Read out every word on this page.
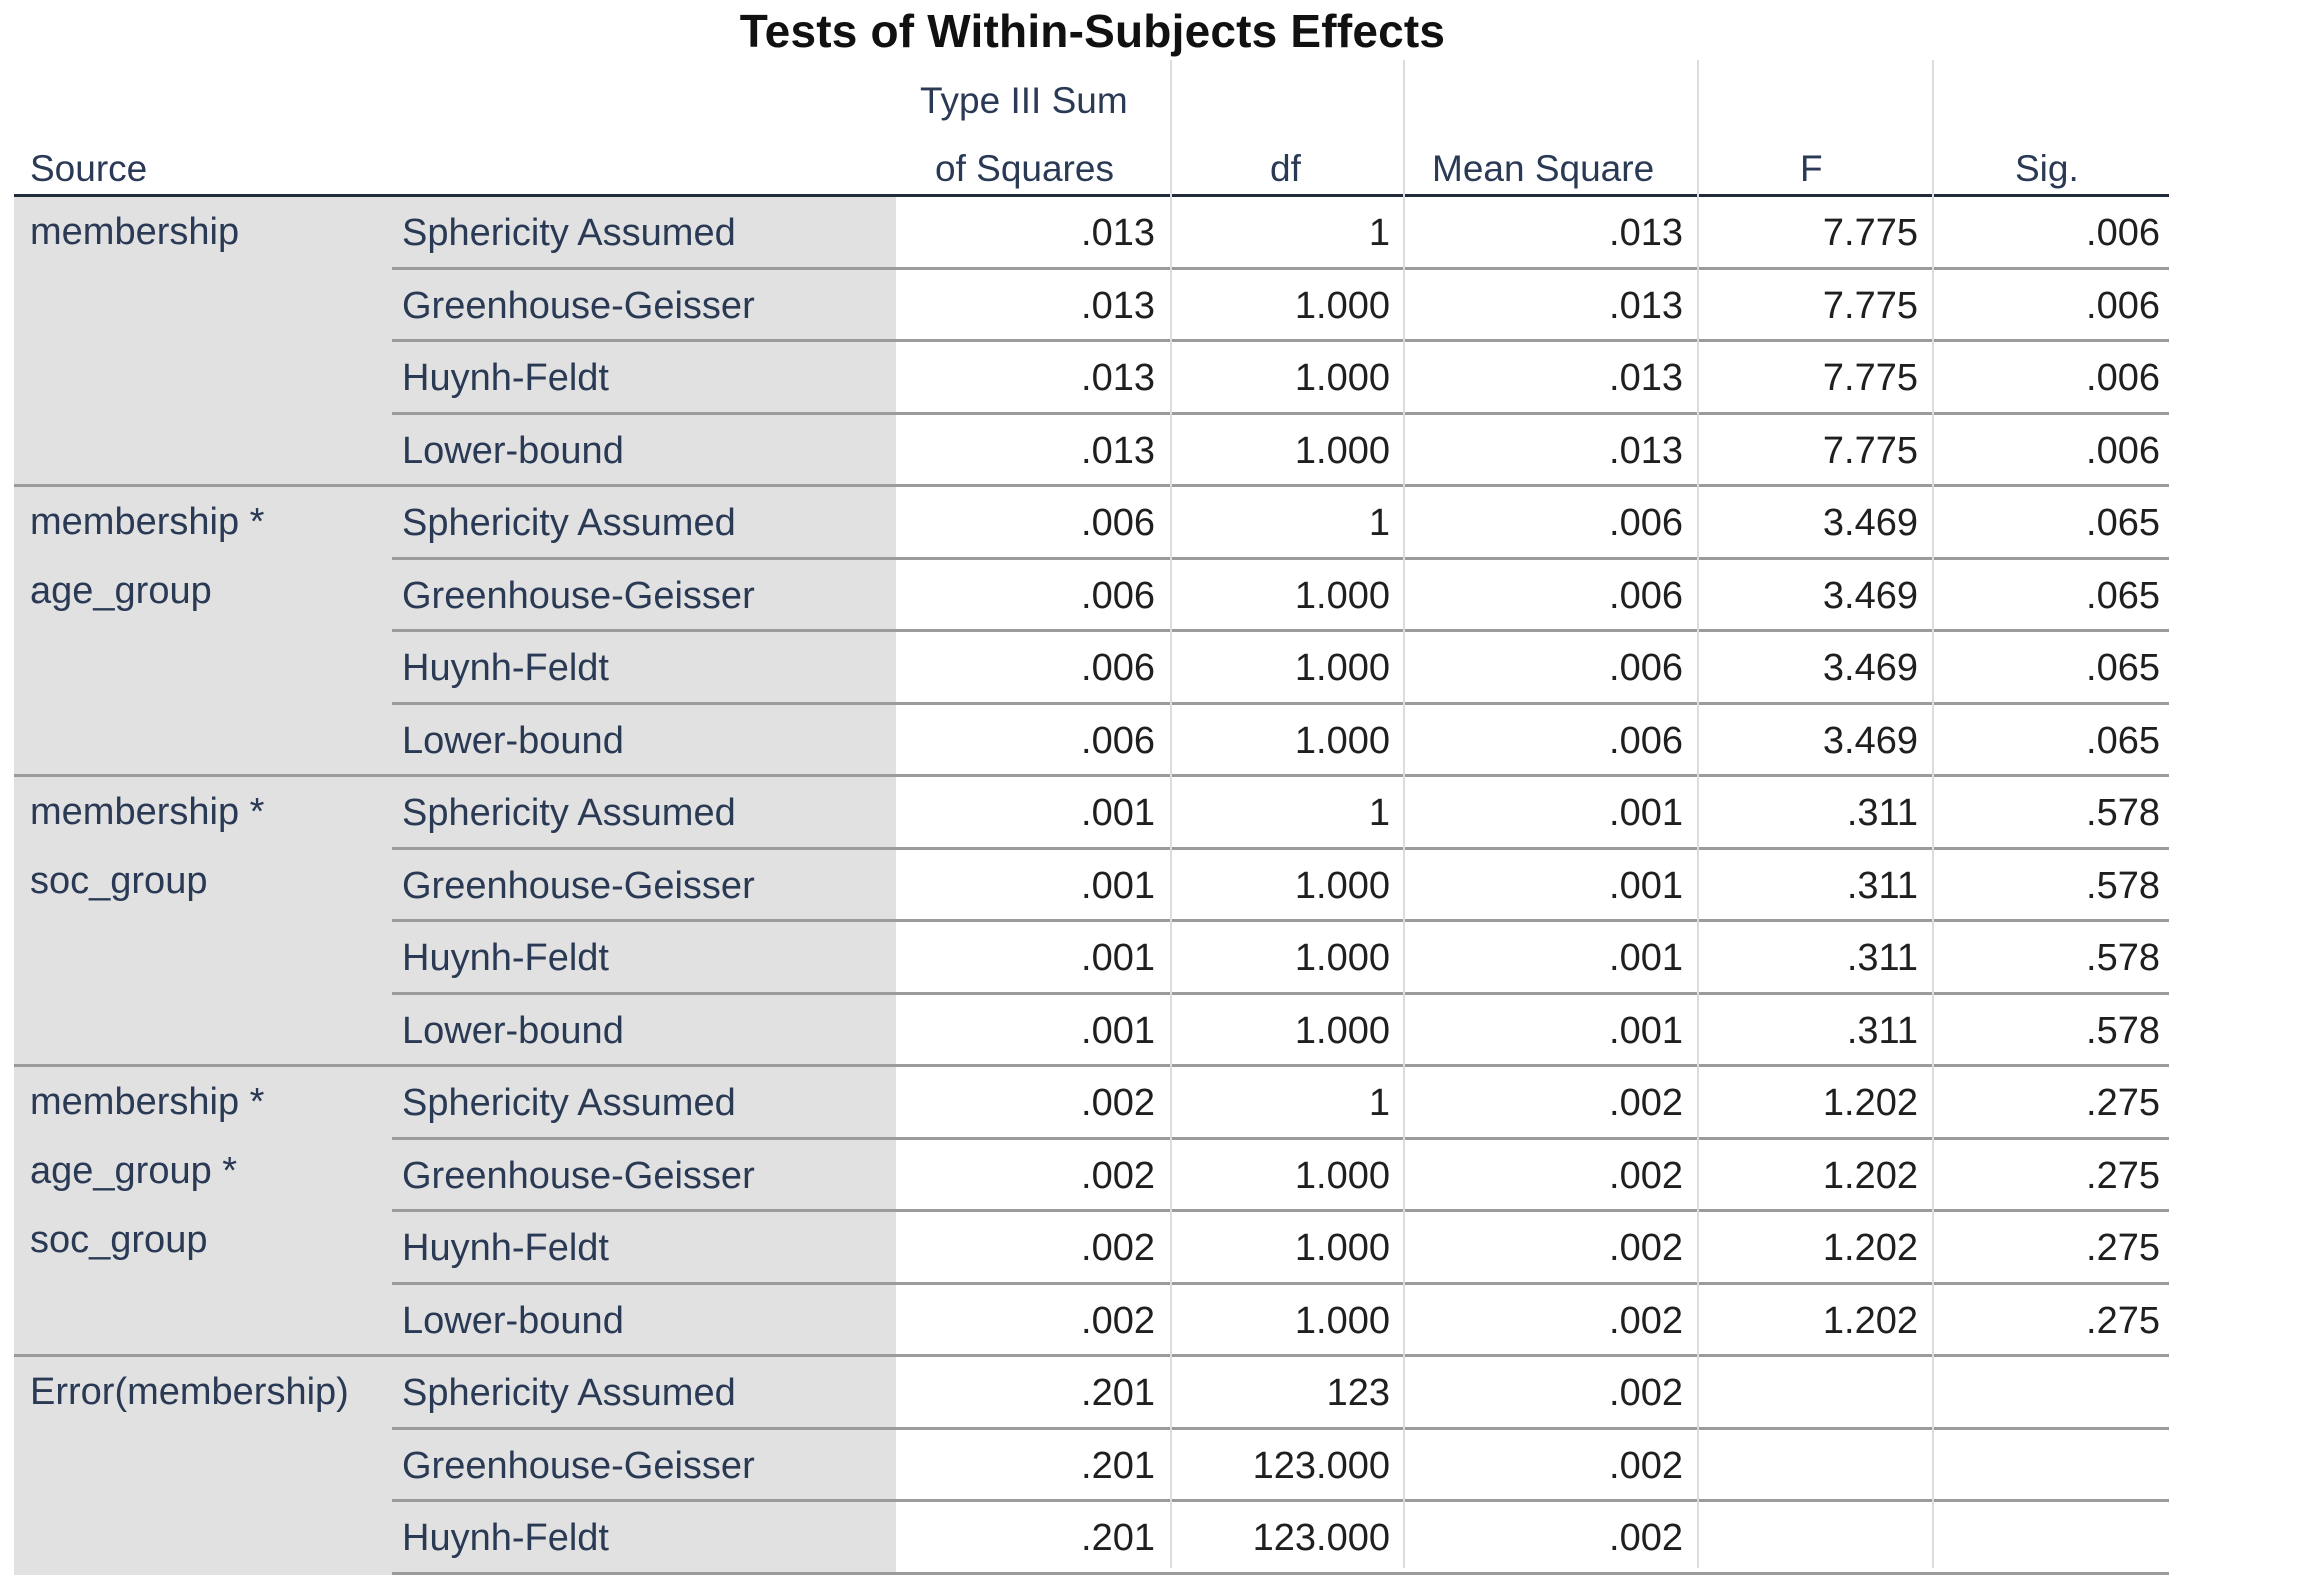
Tests of Within-Subjects Effects
Source
Type III Sum
of Squares	df	Mean Square	F	Sig.
membership	Sphericity Assumed	.013	1	.013	7.775	.006
Greenhouse-Geisser	.013	1.000	.013	7.775	.006
Huynh-Feldt	.013	1.000	.013	7.775	.006
Lower-bound	.013	1.000	.013	7.775	.006
membership *
age_group
Sphericity Assumed	.006	1	.006	3.469	.065
Greenhouse-Geisser	.006	1.000	.006	3.469	.065
Huynh-Feldt	.006	1.000	.006	3.469	.065
Lower-bound	.006	1.000	.006	3.469	.065
membership *
soc_group
Sphericity Assumed	.001	1	.001	.311	.578
Greenhouse-Geisser	.001	1.000	.001	.311	.578
Huynh-Feldt	.001	1.000	.001	.311	.578
Lower-bound	.001	1.000	.001	.311	.578
membership *
age_group *
soc_group
Sphericity Assumed	.002	1	.002	1.202	.275
Greenhouse-Geisser	.002	1.000	.002	1.202	.275
Huynh-Feldt	.002	1.000	.002	1.202	.275
Lower-bound	.002	1.000	.002	1.202	.275
Error(membership) Sphericity Assumed	.201	123	.002
Greenhouse-Geisser	.201	123.000	.002
Huynh-Feldt	.201	123.000	.002
